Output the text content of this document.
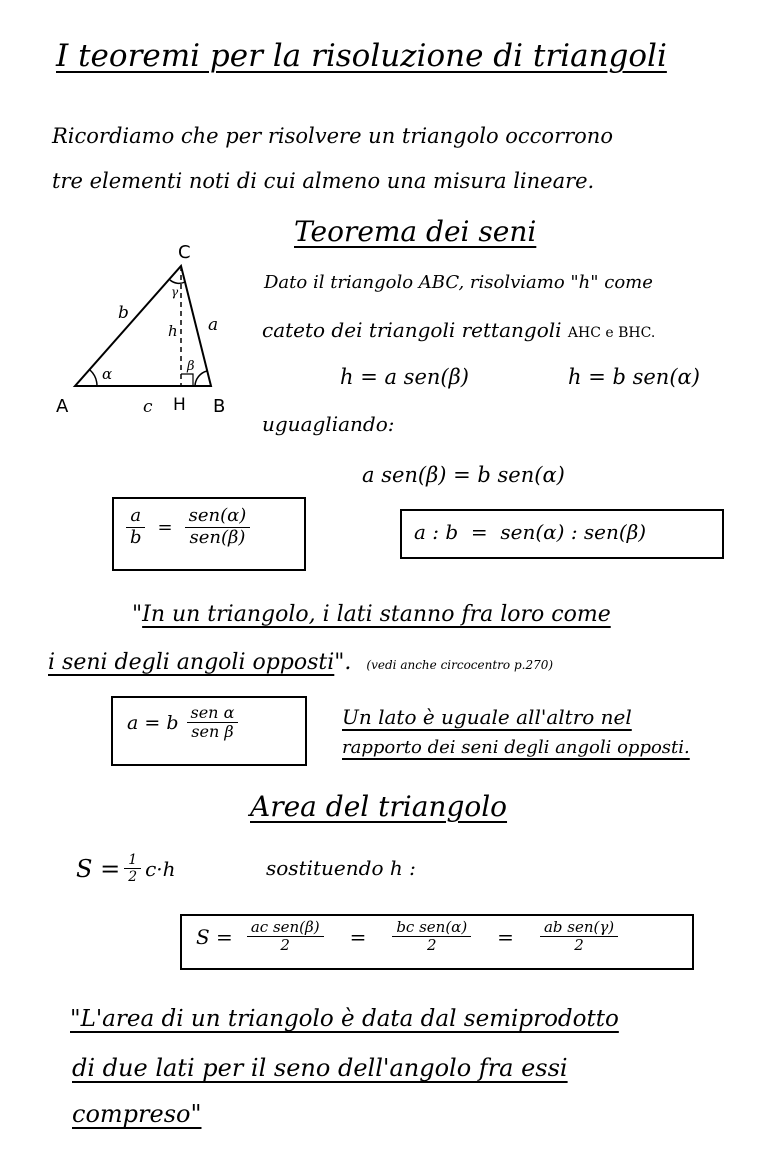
I teoremi per la risoluzione di triangoli
Ricordiamo che per risolvere un triangolo occorrono
tre elementi noti di cui almeno una misura lineare.
Teorema dei seni
C
A	B
H
a
b
c
h
α	β
γ	Dato il triangolo ABC, risolviamo "h" come
cateto dei triangoli rettangoli AHC e BHC.
h = a sen(β)	h = b sen(α)
uguagliando:
a sen(β) = b sen(α)
$\frac{a}{b} = \frac{\text{sen(α)}}{\text{sen(β)}}$	a : b  =  sen(α) : sen(β)
"In un triangolo, i lati stanno fra loro come
i seni degli angoli opposti". (vedi anche circocentro p.270)
a = b $\frac{\text{sen α}}{\text{sen β}}$	Un lato è uguale all'altro nel
rapporto dei seni degli angoli opposti.
Area del triangolo
$S = \frac{1}{2} c\cdot h$	sostituendo h :
$S = \frac{\text{ac sen(β)}}{2} = \frac{\text{bc sen(α)}}{2} = \frac{\text{ab sen(γ)}}{2}$
"L'area di un triangolo è data dal semiprodotto
di due lati per il seno dell'angolo fra essi
compreso"
